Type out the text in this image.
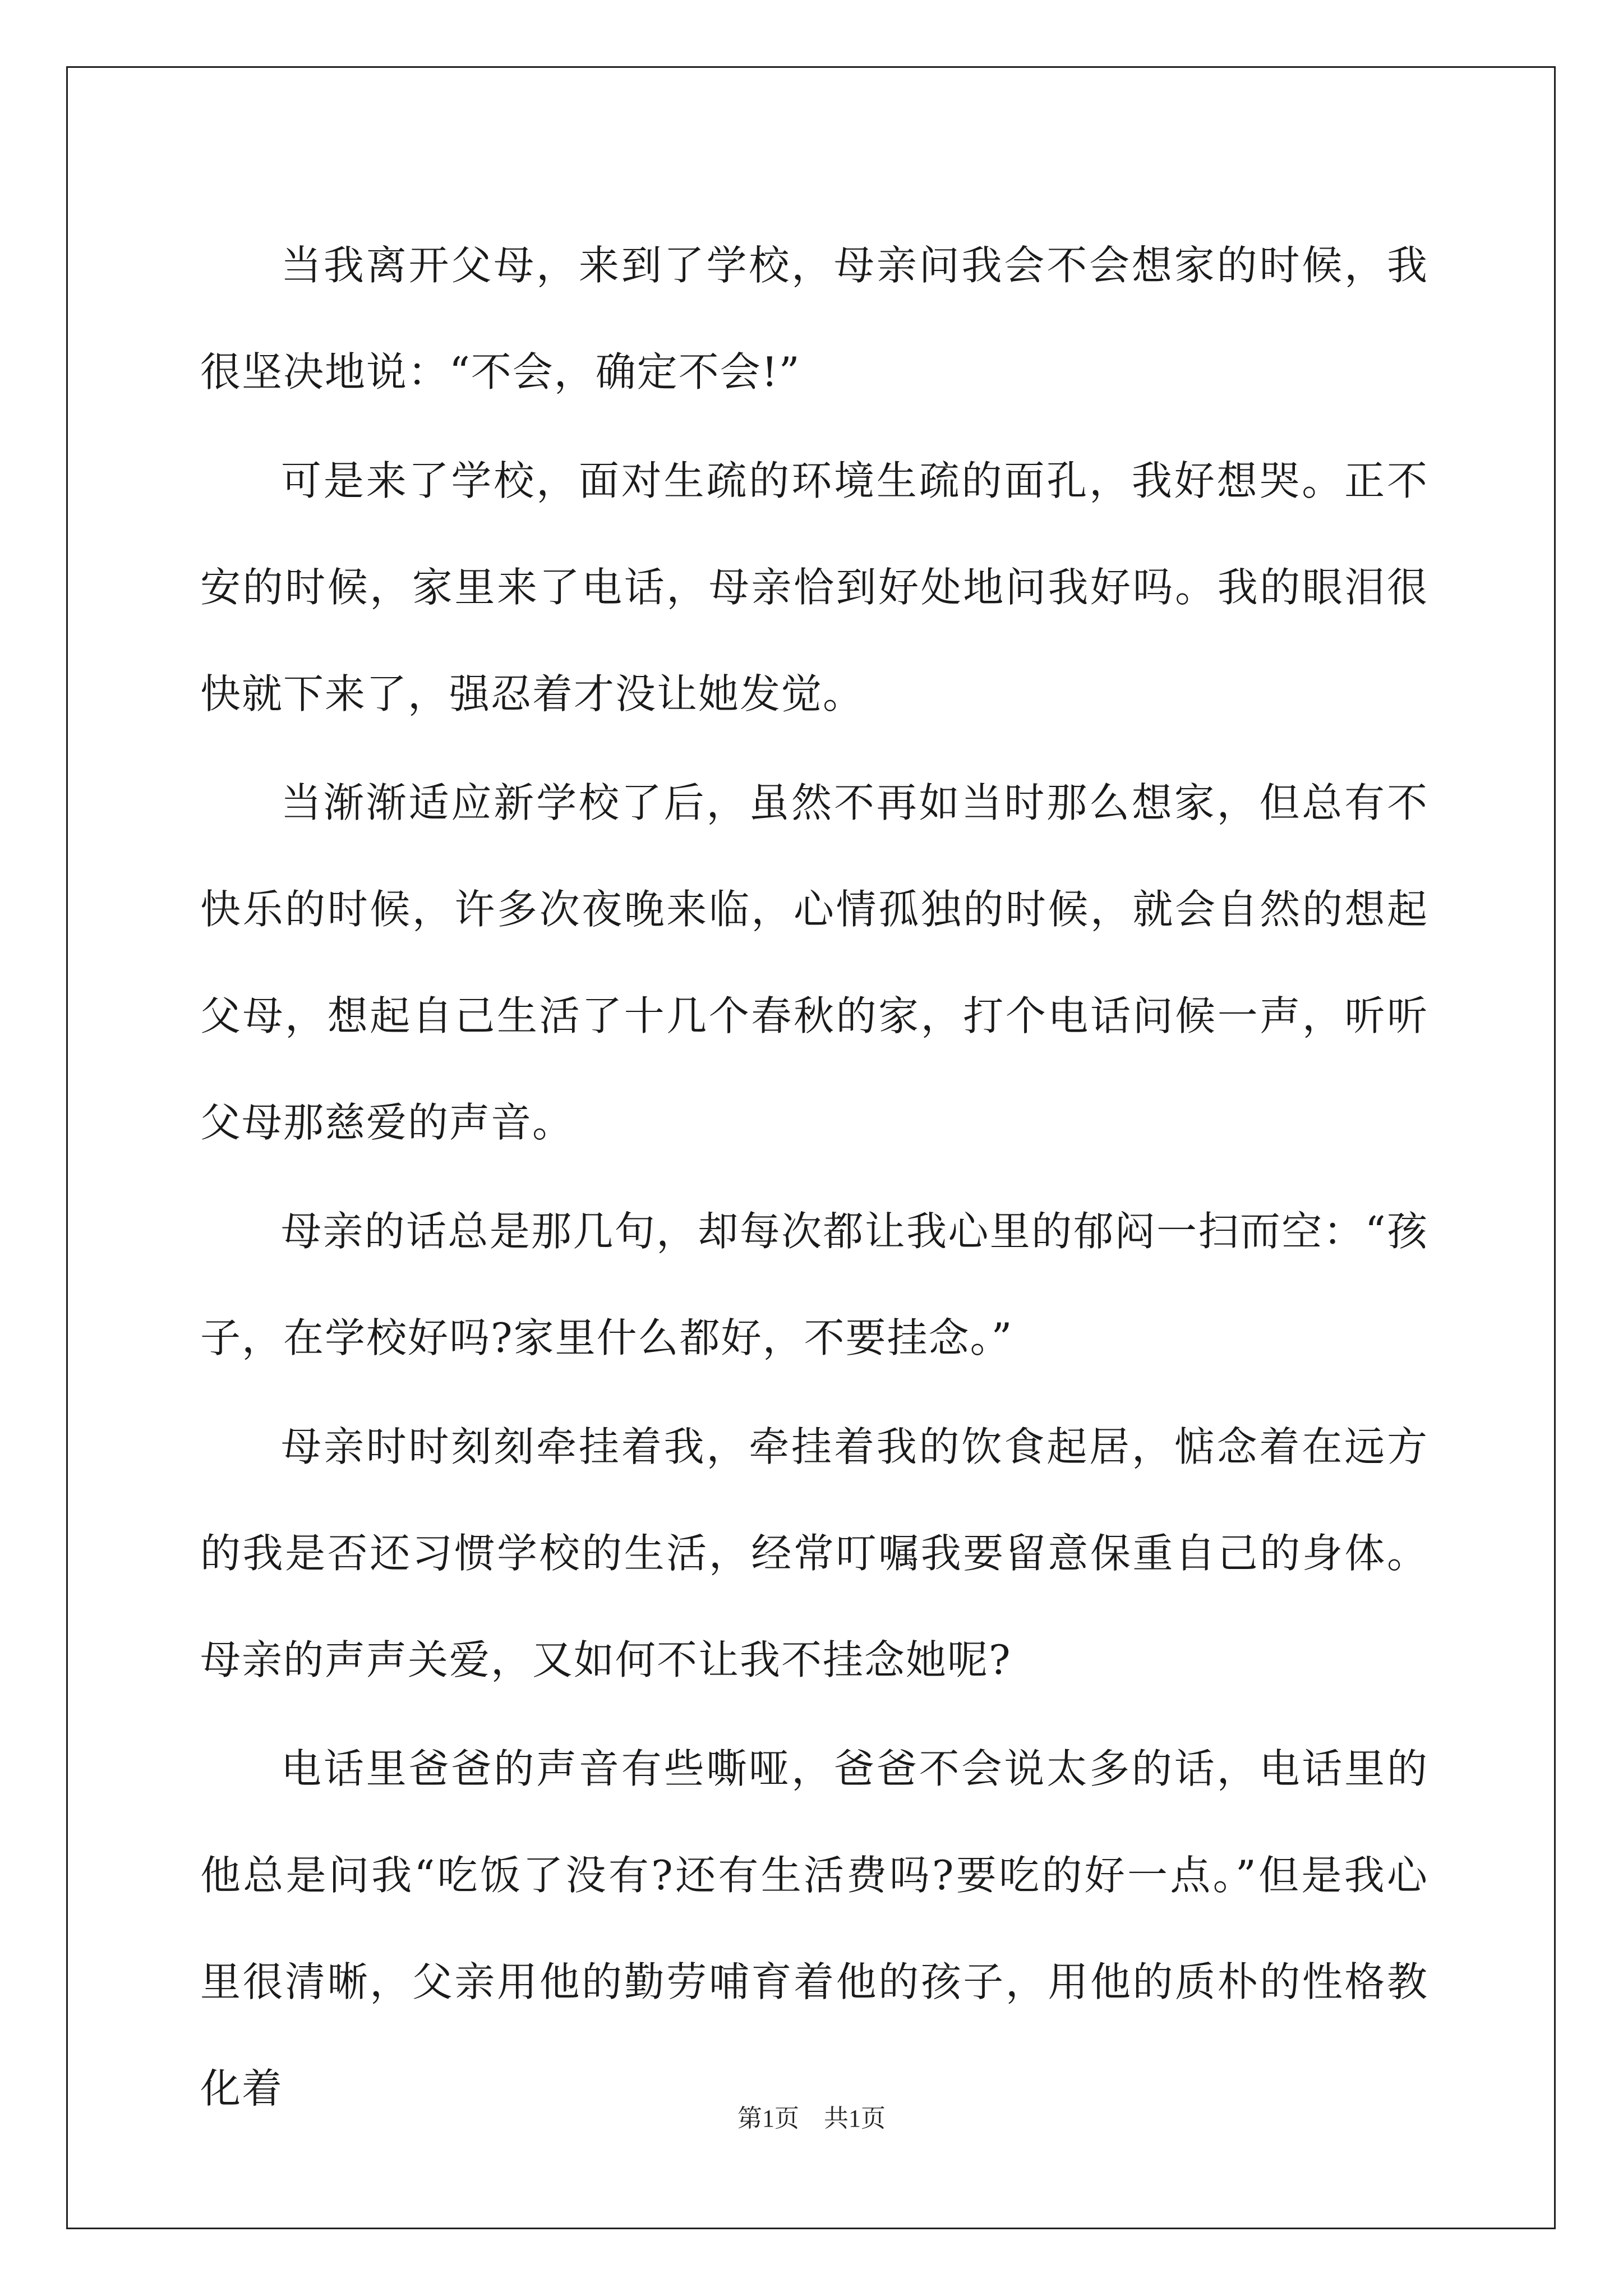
当我离开父母，来到了学校，母亲问我会不会想家的时候，我很坚决地说：“不会，确定不会!”

可是来了学校，面对生疏的环境生疏的面孔，我好想哭。正不安的时候，家里来了电话，母亲恰到好处地问我好吗。我的眼泪很快就下来了，强忍着才没让她发觉。

当渐渐适应新学校了后，虽然不再如当时那么想家，但总有不快乐的时候，许多次夜晚来临，心情孤独的时候，就会自然的想起父母，想起自己生活了十几个春秋的家，打个电话问候一声，听听父母那慈爱的声音。

母亲的话总是那几句，却每次都让我心里的郁闷一扫而空：“孩子，在学校好吗?家里什么都好，不要挂念。”

母亲时时刻刻牵挂着我，牵挂着我的饮食起居，惦念着在远方的我是否还习惯学校的生活，经常叮嘱我要留意保重自己的身体。母亲的声声关爱，又如何不让我不挂念她呢?

电话里爸爸的声音有些嘶哑，爸爸不会说太多的话，电话里的他总是问我“吃饭了没有?还有生活费吗?要吃的好一点。”但是我心里很清晰，父亲用他的勤劳哺育着他的孩子，用他的质朴的性格教化着

第1页　共1页
